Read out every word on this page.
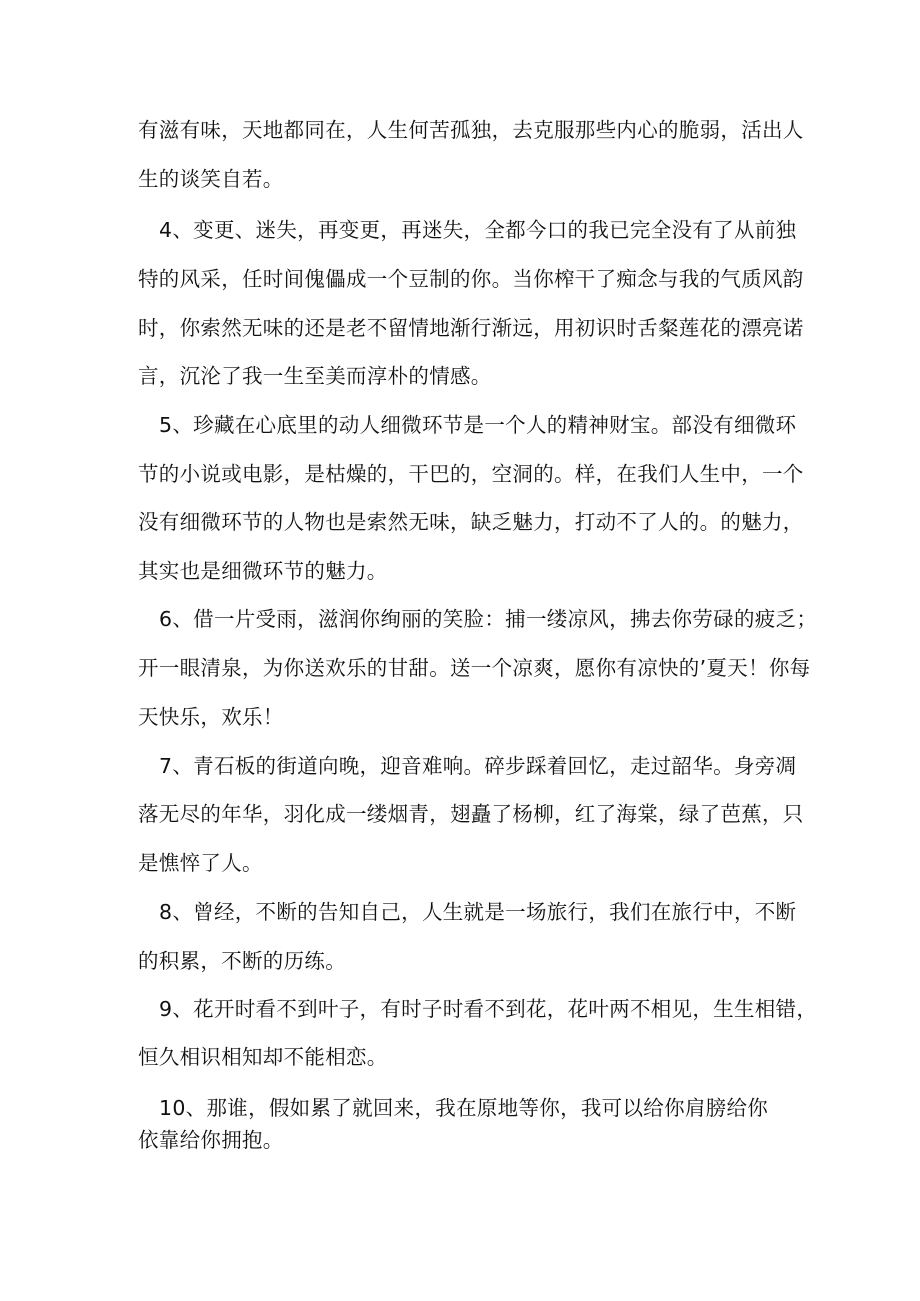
有滋有味，天地都同在，人生何苦孤独，去克服那些内心的脆弱，活出人
生的谈笑自若。
4、变更、迷失，再变更，再迷失，全都今口的我已完全没有了从前独
特的风采，任时间傀儡成一个豆制的你。当你榨干了痴念与我的气质风韵
时，你索然无味的还是老不留情地渐行渐远，用初识时舌粲莲花的漂亮诺
言，沉沦了我一生至美而淳朴的情感。
5、珍藏在心底里的动人细微环节是一个人的精神财宝。部没有细微环
节的小说或电影，是枯燥的，干巴的，空洞的。样，在我们人生中，一个
没有细微环节的人物也是索然无味，缺乏魅力，打动不了人的。的魅力，
其实也是细微环节的魅力。
6、借一片受雨，滋润你绚丽的笑脸：捕一缕凉风，拂去你劳碌的疲乏；
开一眼清泉，为你送欢乐的甘甜。送一个凉爽，愿你有凉快的’夏天！你每
天快乐，欢乐！
7、青石板的街道向晚，迎音难响。碎步踩着回忆，走过韶华。身旁凋
落无尽的年华，羽化成一缕烟青，翅矗了杨柳，红了海棠，绿了芭蕉，只
是憔悴了人。
8、曾经，不断的告知自己，人生就是一场旅行，我们在旅行中，不断
的积累，不断的历练。
9、花开时看不到叶子，有时子时看不到花，花叶两不相见，生生相错，
恒久相识相知却不能相恋。
10、那谁，假如累了就回来，我在原地等你，我可以给你肩膀给你
依靠给你拥抱。
